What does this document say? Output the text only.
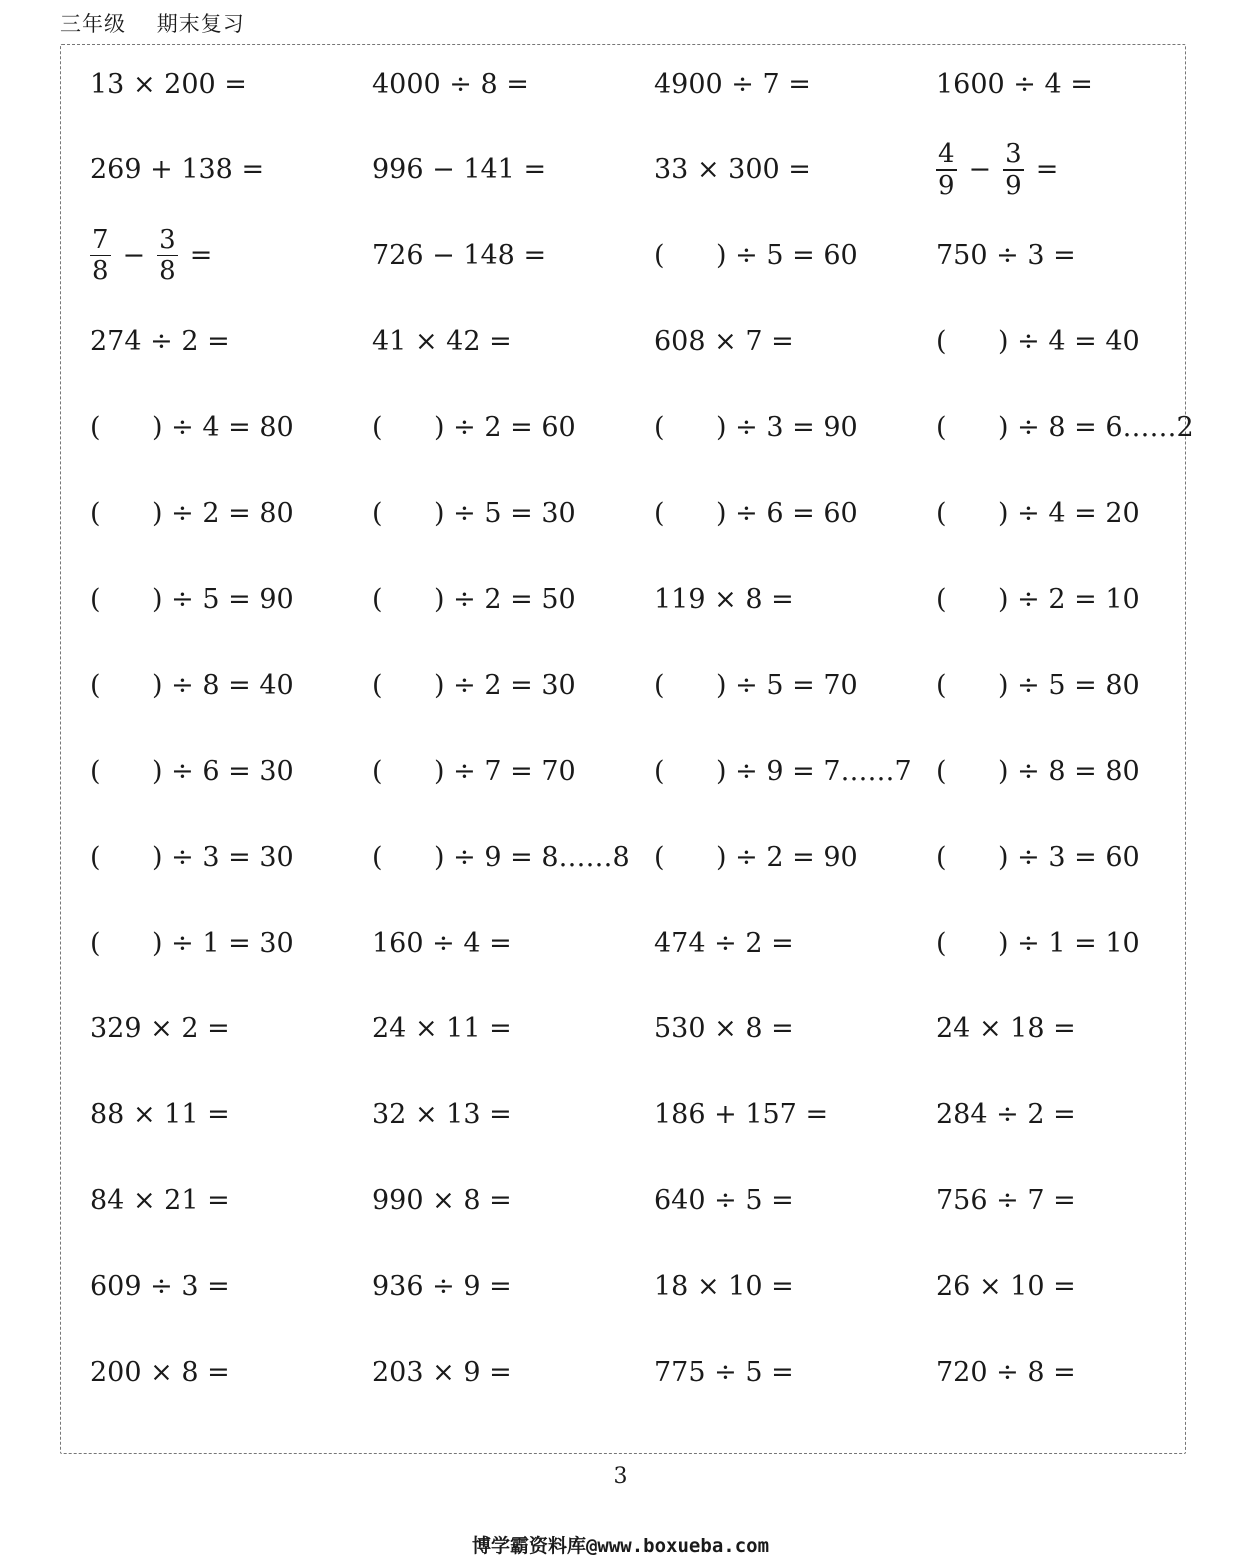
三年级    期末复习
13 × 200 =	4000 ÷ 8 =	4900 ÷ 7 =	1600 ÷ 4 =
269 + 138 =	996 − 141 =	33 × 300 =	$\frac{4}{9} - \frac{3}{9}$ =
$\frac{7}{8} - \frac{3}{8}$ =	726 − 148 =	(      ) ÷ 5 = 60	750 ÷ 3 =
274 ÷ 2 =	41 × 42 =	608 × 7 =	(      ) ÷ 4 = 40
(      ) ÷ 4 = 80	(      ) ÷ 2 = 60	(      ) ÷ 3 = 90	(      ) ÷ 8 = 6……2
(      ) ÷ 2 = 80	(      ) ÷ 5 = 30	(      ) ÷ 6 = 60	(      ) ÷ 4 = 20
(      ) ÷ 5 = 90	(      ) ÷ 2 = 50	119 × 8 =	(      ) ÷ 2 = 10
(      ) ÷ 8 = 40	(      ) ÷ 2 = 30	(      ) ÷ 5 = 70	(      ) ÷ 5 = 80
(      ) ÷ 6 = 30	(      ) ÷ 7 = 70	(      ) ÷ 9 = 7……7 (      ) ÷ 8 = 80
(      ) ÷ 3 = 30	(      ) ÷ 9 = 8……8 (      ) ÷ 2 = 90	(      ) ÷ 3 = 60
(      ) ÷ 1 = 30	160 ÷ 4 =	474 ÷ 2 =	(      ) ÷ 1 = 10
329 × 2 =	24 × 11 =	530 × 8 =	24 × 18 =
88 × 11 =	32 × 13 =	186 + 157 =	284 ÷ 2 =
84 × 21 =	990 × 8 =	640 ÷ 5 =	756 ÷ 7 =
609 ÷ 3 =	936 ÷ 9 =	18 × 10 =	26 × 10 =
200 × 8 =	203 × 9 =	775 ÷ 5 =	720 ÷ 8 =
3
博学霸资料库@www.boxueba.com
